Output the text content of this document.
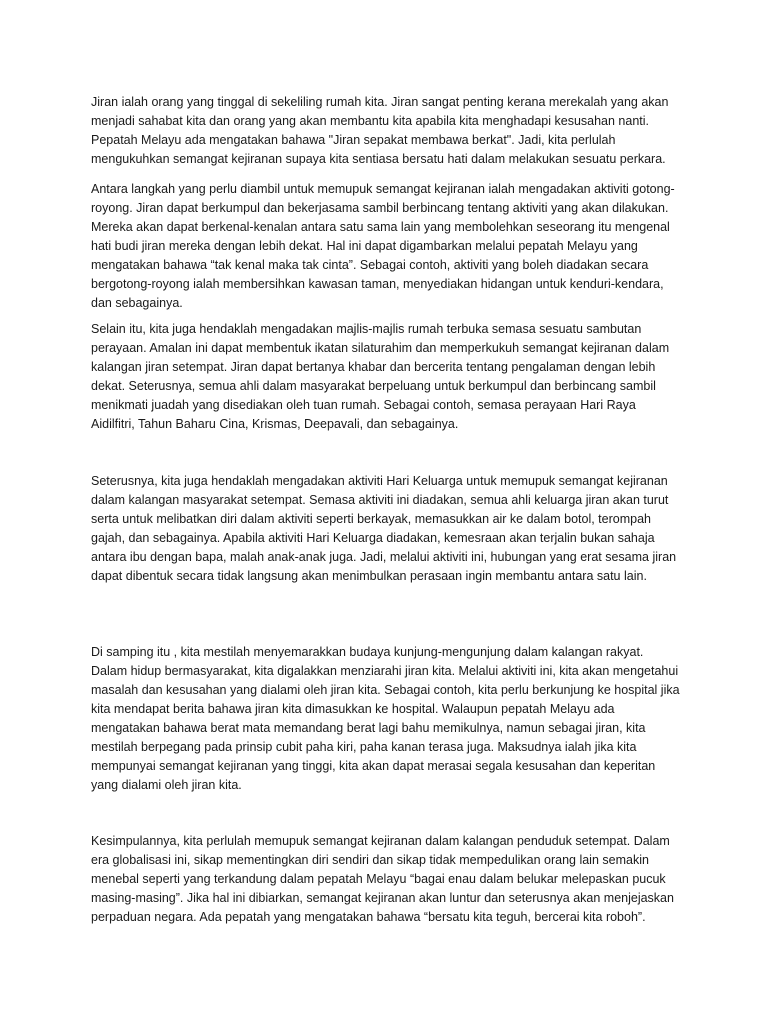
Jiran ialah orang yang tinggal di sekeliling rumah kita. Jiran sangat penting kerana merekalah yang akan menjadi sahabat kita dan orang yang akan membantu kita apabila kita menghadapi kesusahan nanti. Pepatah Melayu ada mengatakan bahawa "Jiran sepakat membawa berkat". Jadi, kita perlulah mengukuhkan semangat kejiranan supaya kita sentiasa bersatu hati dalam melakukan sesuatu perkara.

Antara langkah yang perlu diambil untuk memupuk semangat kejiranan ialah mengadakan aktiviti gotong-royong. Jiran dapat berkumpul dan bekerjasama sambil berbincang tentang aktiviti yang akan dilakukan. Mereka akan dapat berkenal-kenalan antara satu sama lain yang membolehkan seseorang itu mengenal hati budi jiran mereka dengan lebih dekat. Hal ini dapat digambarkan melalui pepatah Melayu yang mengatakan bahawa “tak kenal maka tak cinta”. Sebagai contoh, aktiviti yang boleh diadakan secara bergotong-royong ialah membersihkan kawasan taman, menyediakan hidangan untuk kenduri-kendara, dan sebagainya.

Selain itu, kita juga hendaklah mengadakan majlis-majlis rumah terbuka semasa sesuatu sambutan perayaan. Amalan ini dapat membentuk ikatan silaturahim dan memperkukuh semangat kejiranan dalam kalangan jiran setempat. Jiran dapat bertanya khabar dan bercerita tentang pengalaman dengan lebih dekat. Seterusnya, semua ahli dalam masyarakat berpeluang untuk berkumpul dan berbincang sambil menikmati juadah yang disediakan oleh tuan rumah. Sebagai contoh, semasa perayaan Hari Raya Aidilfitri, Tahun Baharu Cina, Krismas, Deepavali, dan sebagainya.

Seterusnya, kita juga hendaklah mengadakan aktiviti Hari Keluarga untuk memupuk semangat kejiranan dalam kalangan masyarakat setempat. Semasa aktiviti ini diadakan, semua ahli keluarga jiran akan turut serta untuk melibatkan diri dalam aktiviti seperti berkayak, memasukkan air ke dalam botol, terompah gajah, dan sebagainya. Apabila aktiviti Hari Keluarga diadakan, kemesraan akan terjalin bukan sahaja antara ibu dengan bapa, malah anak-anak juga. Jadi, melalui aktiviti ini, hubungan yang erat sesama jiran dapat dibentuk secara tidak langsung akan menimbulkan perasaan ingin membantu antara satu lain.

Di samping itu , kita mestilah menyemarakkan budaya kunjung-mengunjung dalam kalangan rakyat. Dalam hidup bermasyarakat, kita digalakkan menziarahi jiran kita. Melalui aktiviti ini, kita akan mengetahui masalah dan kesusahan yang dialami oleh jiran kita. Sebagai contoh, kita perlu berkunjung ke hospital jika kita mendapat berita bahawa jiran kita dimasukkan ke hospital. Walaupun pepatah Melayu ada mengatakan bahawa berat mata memandang berat lagi bahu memikulnya, namun sebagai jiran, kita mestilah berpegang pada prinsip cubit paha kiri, paha kanan terasa juga. Maksudnya ialah jika kita mempunyai semangat kejiranan yang tinggi, kita akan dapat merasai segala kesusahan dan keperitan yang dialami oleh jiran kita.

Kesimpulannya, kita perlulah memupuk semangat kejiranan dalam kalangan penduduk setempat. Dalam era globalisasi ini, sikap mementingkan diri sendiri dan sikap tidak mempedulikan orang lain semakin menebal seperti yang terkandung dalam pepatah Melayu “bagai enau dalam belukar melepaskan pucuk masing-masing”. Jika hal ini dibiarkan, semangat kejiranan akan luntur dan seterusnya akan menjejaskan perpaduan negara. Ada pepatah yang mengatakan bahawa “bersatu kita teguh, bercerai kita roboh”.
